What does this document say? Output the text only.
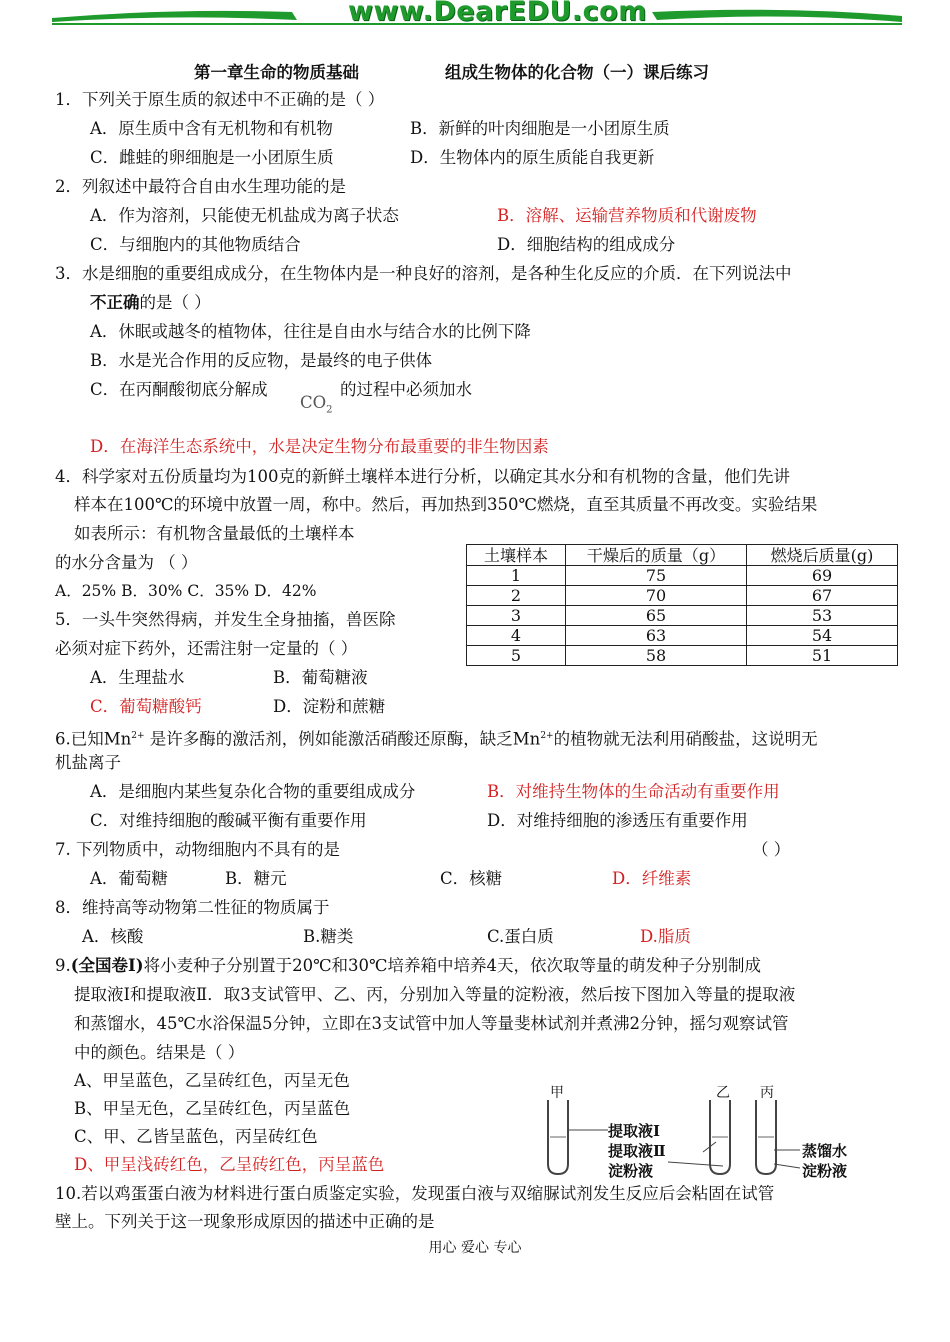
www.DearEDU.com
第一章生命的物质基础	组成生物体的化合物（一）课后练习
1．下列关于原生质的叙述中不正确的是（ ）
A．原生质中含有无机物和有机物	B．新鲜的叶肉细胞是一小团原生质
C．雌蛙的卵细胞是一小团原生质	D．生物体内的原生质能自我更新
2．列叙述中最符合自由水生理功能的是
A．作为溶剂，只能使无机盐成为离子状态	B．溶解、运输营养物质和代谢废物
C．与细胞内的其他物质结合	D．细胞结构的组成成分
3．水是细胞的重要组成成分，在生物体内是一种良好的溶剂，是各种生化反应的介质．在下列说法中
不正确的是（ ）
A．休眠或越冬的植物体，往往是自由水与结合水的比例下降
B．水是光合作用的反应物，是最终的电子供体
C．在丙酮酸彻底分解成
$CO_2$
的过程中必须加水
D．在海洋生态系统中，水是决定生物分布最重要的非生物因素
4．科学家对五份质量均为100克的新鲜土壤样本进行分析，以确定其水分和有机物的含量，他们先讲
样本在100℃的环境中放置一周，称中。然后，再加热到350℃燃烧，直至其质量不再改变。实验结果
如表所示：有机物含量最低的土壤样本
的水分含量为 （ ）
A．25% B．30% C．35% D．42%
土壤样本	干燥后的质量（g）	燃烧后质量(g)
1	75	69
2	70	67
3	65	53
4	63	54
5	58	51
5．一头牛突然得病，并发生全身抽搐，兽医除
必须对症下药外，还需注射一定量的（ ）
A．生理盐水	B．葡萄糖液
C．葡萄糖酸钙	D．淀粉和蔗糖
6.已知$Mn^{2+}$ 是许多酶的激活剂，例如能激活硝酸还原酶，缺乏$Mn^{2+}$的植物就无法利用硝酸盐，这说明无
机盐离子
A．是细胞内某些复杂化合物的重要组成成分	B．对维持生物体的生命活动有重要作用
C．对维持细胞的酸碱平衡有重要作用	D．对维持细胞的渗透压有重要作用
7. 下列物质中，动物细胞内不具有的是	（ ）
A．葡萄糖	B．糖元	C．核糖	D．纤维素
8．维持高等动物第二性征的物质属于
A．核酸	B.糖类	C.蛋白质	D.脂质
9.(全国卷Ⅰ)将小麦种子分别置于20℃和30℃培养箱中培养4天，依次取等量的萌发种子分别制成
提取液Ⅰ和提取液Ⅱ．取3支试管甲、乙、丙，分别加入等量的淀粉液，然后按下图加入等量的提取液
和蒸馏水，45℃水浴保温5分钟，立即在3支试管中加人等量斐林试剂并煮沸2分钟，摇匀观察试管
中的颜色。结果是（ ）
A、甲呈蓝色，乙呈砖红色，丙呈无色
B、甲呈无色，乙呈砖红色，丙呈蓝色
C、甲、乙皆呈蓝色，丙呈砖红色
D、甲呈浅砖红色，乙呈砖红色，丙呈蓝色
甲	乙 丙
提取液Ⅰ
提取液Ⅱ
淀粉液
蒸馏水
淀粉液
10.若以鸡蛋蛋白液为材料进行蛋白质鉴定实验，发现蛋白液与双缩脲试剂发生反应后会粘固在试管
壁上。下列关于这一现象形成原因的描述中正确的是
用心 爱心 专心
